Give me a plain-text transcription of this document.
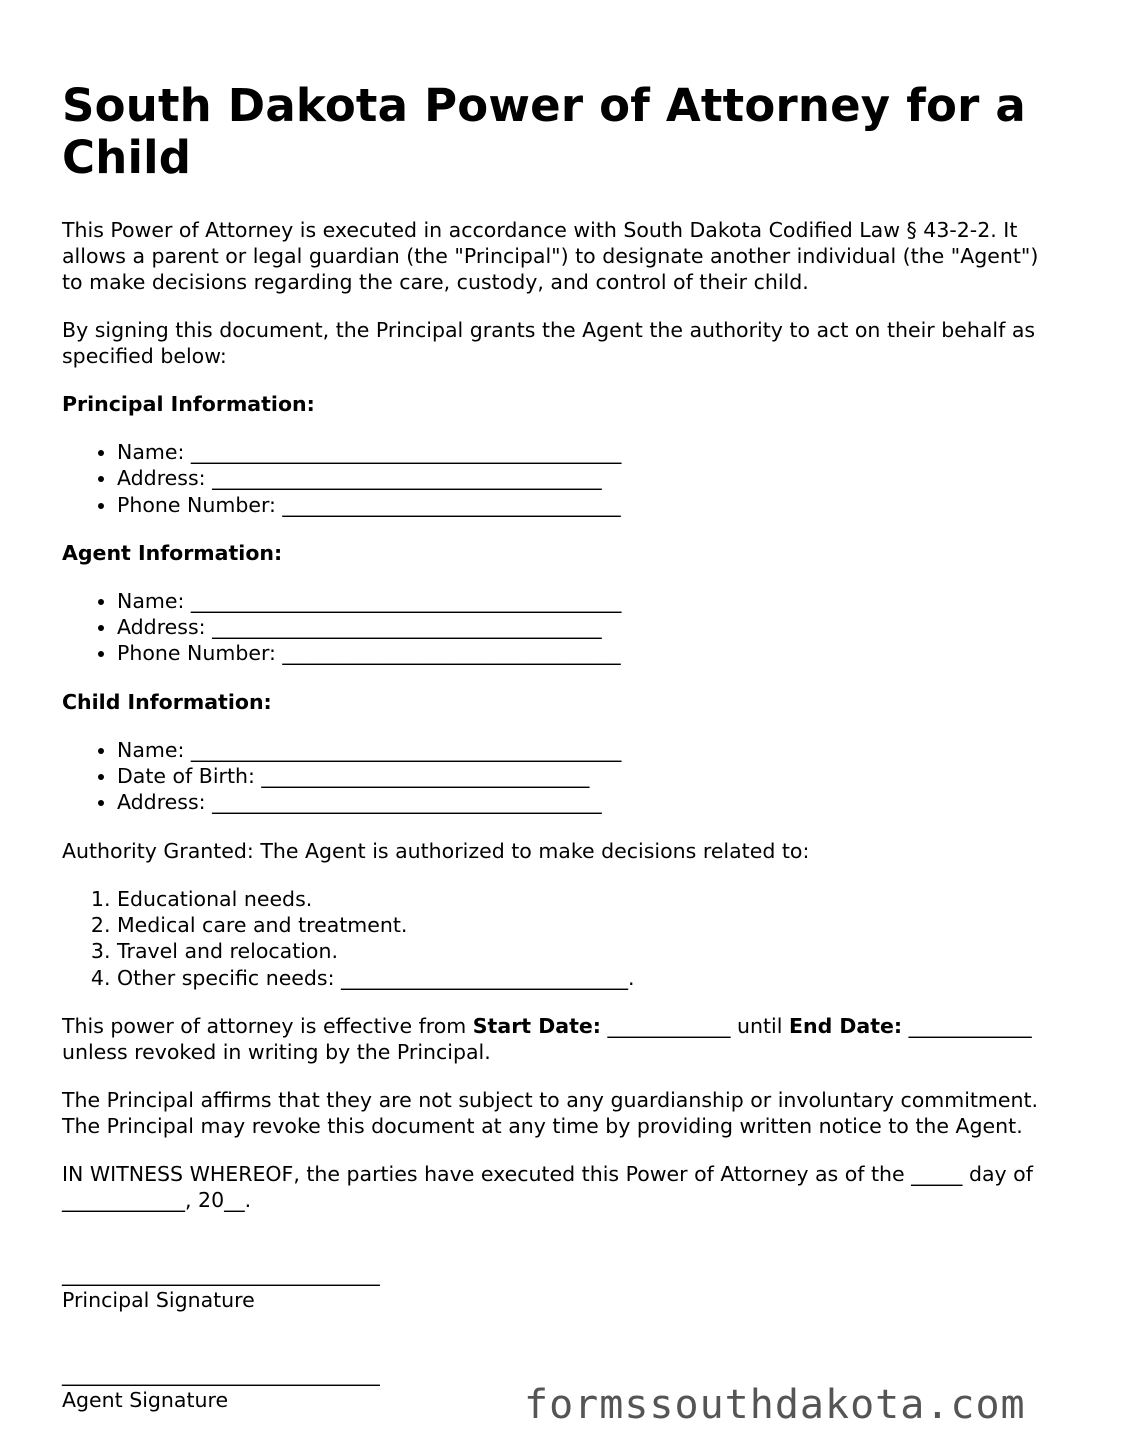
South Dakota Power of Attorney for a Child

This Power of Attorney is executed in accordance with South Dakota Codified Law § 43-2-2. It allows a parent or legal guardian (the "Principal") to designate another individual (the "Agent") to make decisions regarding the care, custody, and control of their child.

By signing this document, the Principal grants the Agent the authority to act on their behalf as specified below:

Principal Information:
• Name: __________________________________________
• Address: ______________________________________
• Phone Number: _________________________________
Agent Information:
• Name: __________________________________________
• Address: ______________________________________
• Phone Number: _________________________________
Child Information:
• Name: __________________________________________
• Date of Birth: ________________________________
• Address: ______________________________________

Authority Granted: The Agent is authorized to make decisions related to:

1. Educational needs.
2. Medical care and treatment.
3. Travel and relocation.
4. Other specific needs: ____________________________.

This power of attorney is effective from Start Date: ____________ until End Date: ____________ unless revoked in writing by the Principal.

The Principal affirms that they are not subject to any guardianship or involuntary commitment. The Principal may revoke this document at any time by providing written notice to the Agent.

IN WITNESS WHEREOF, the parties have executed this Power of Attorney as of the _____ day of ____________, 20__.

_______________________________

Principal Signature

_______________________________

Agent Signature	formssouthdakota.com
